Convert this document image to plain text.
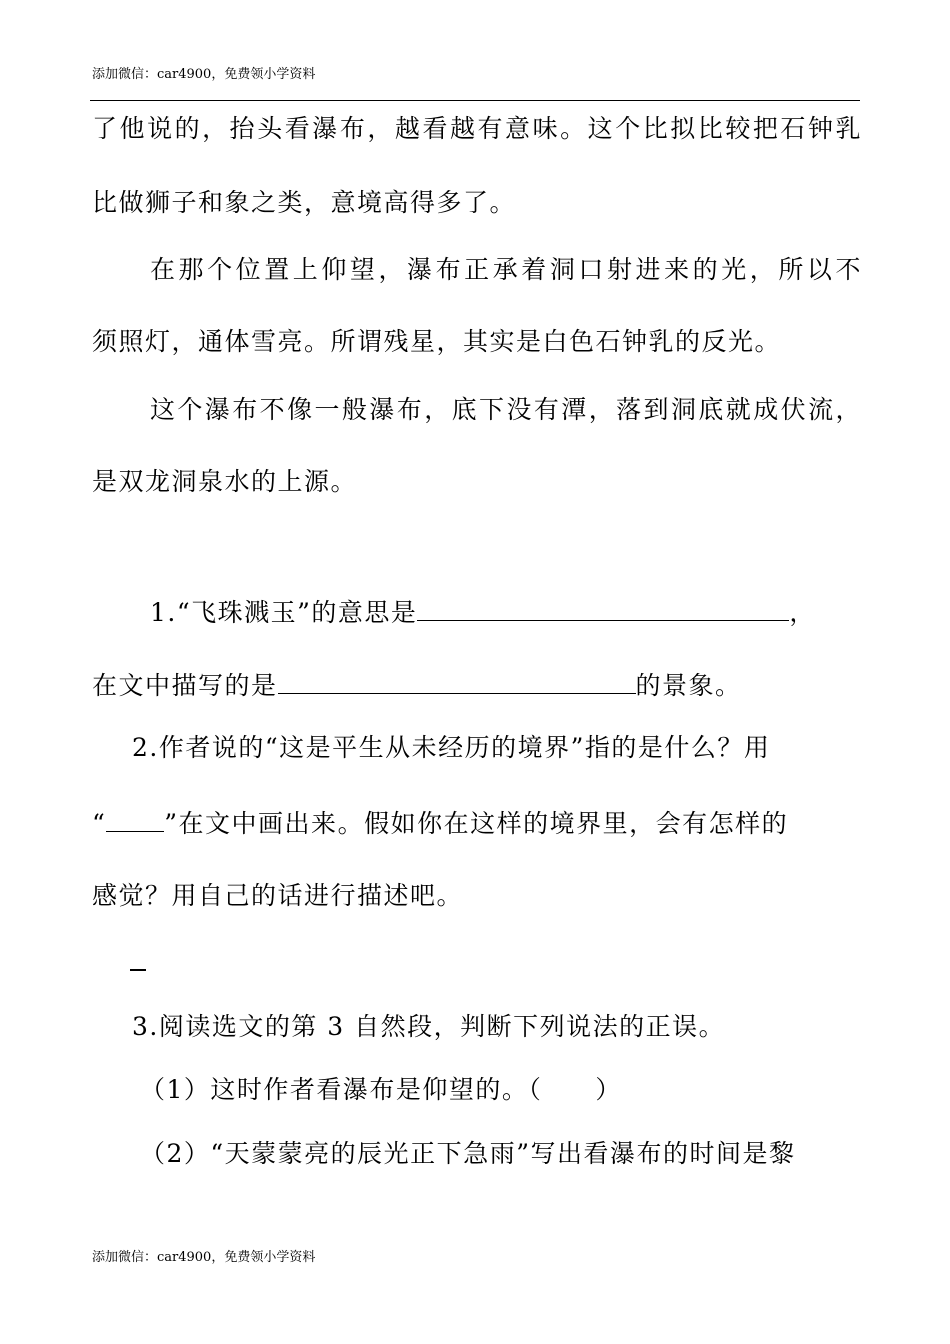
添加微信：car4900，免费领小学资料
了他说的，抬头看瀑布，越看越有意味。这个比拟比较把石钟乳
比做狮子和象之类，意境高得多了。
在那个位置上仰望，瀑布正承着洞口射进来的光，所以不
须照灯，通体雪亮。所谓残星，其实是白色石钟乳的反光。
这个瀑布不像一般瀑布，底下没有潭，落到洞底就成伏流，
是双龙洞泉水的上源。
1.“飞珠溅玉”的意思是	，
在文中描写的是	的景象。
2.作者说的“这是平生从未经历的境界”指的是什么？用
“ ”在文中画出来。假如你在这样的境界里，会有怎样的
感觉？用自己的话进行描述吧。
3.阅读选文的第 3 自然段，判断下列说法的正误。
（1）这时作者看瀑布是仰望的。（　　）
（2）“天蒙蒙亮的辰光正下急雨”写出看瀑布的时间是黎
添加微信：car4900，免费领小学资料
